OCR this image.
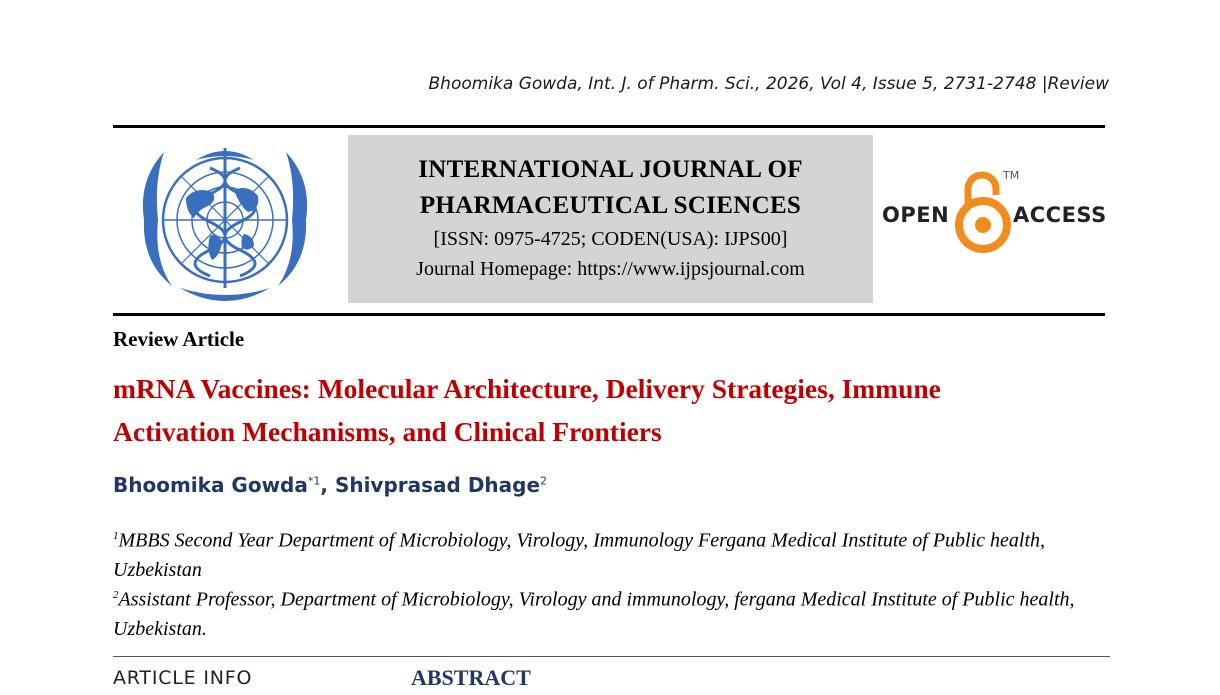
Bhoomika Gowda, Int. J. of Pharm. Sci., 2026, Vol 4, Issue 5, 2731-2748 |Review
INTERNATIONAL JOURNAL OF
PHARMACEUTICAL SCIENCES
[ISSN: 0975-4725; CODEN(USA): IJPS00]
Journal Homepage: https://www.ijpsjournal.com
OPEN
TM
ACCESS
Review Article
mRNA Vaccines: Molecular Architecture, Delivery Strategies, Immune
Activation Mechanisms, and Clinical Frontiers
Bhoomika Gowda$^{*1}$, Shivprasad Dhage$^2$
$^1$MBBS Second Year Department of Microbiology, Virology, Immunology Fergana Medical Institute of Public health, Uzbekistan
$^2$Assistant Professor, Department of Microbiology, Virology and immunology, fergana Medical Institute of Public health, Uzbekistan.
ARTICLE INFO	ABSTRACT
